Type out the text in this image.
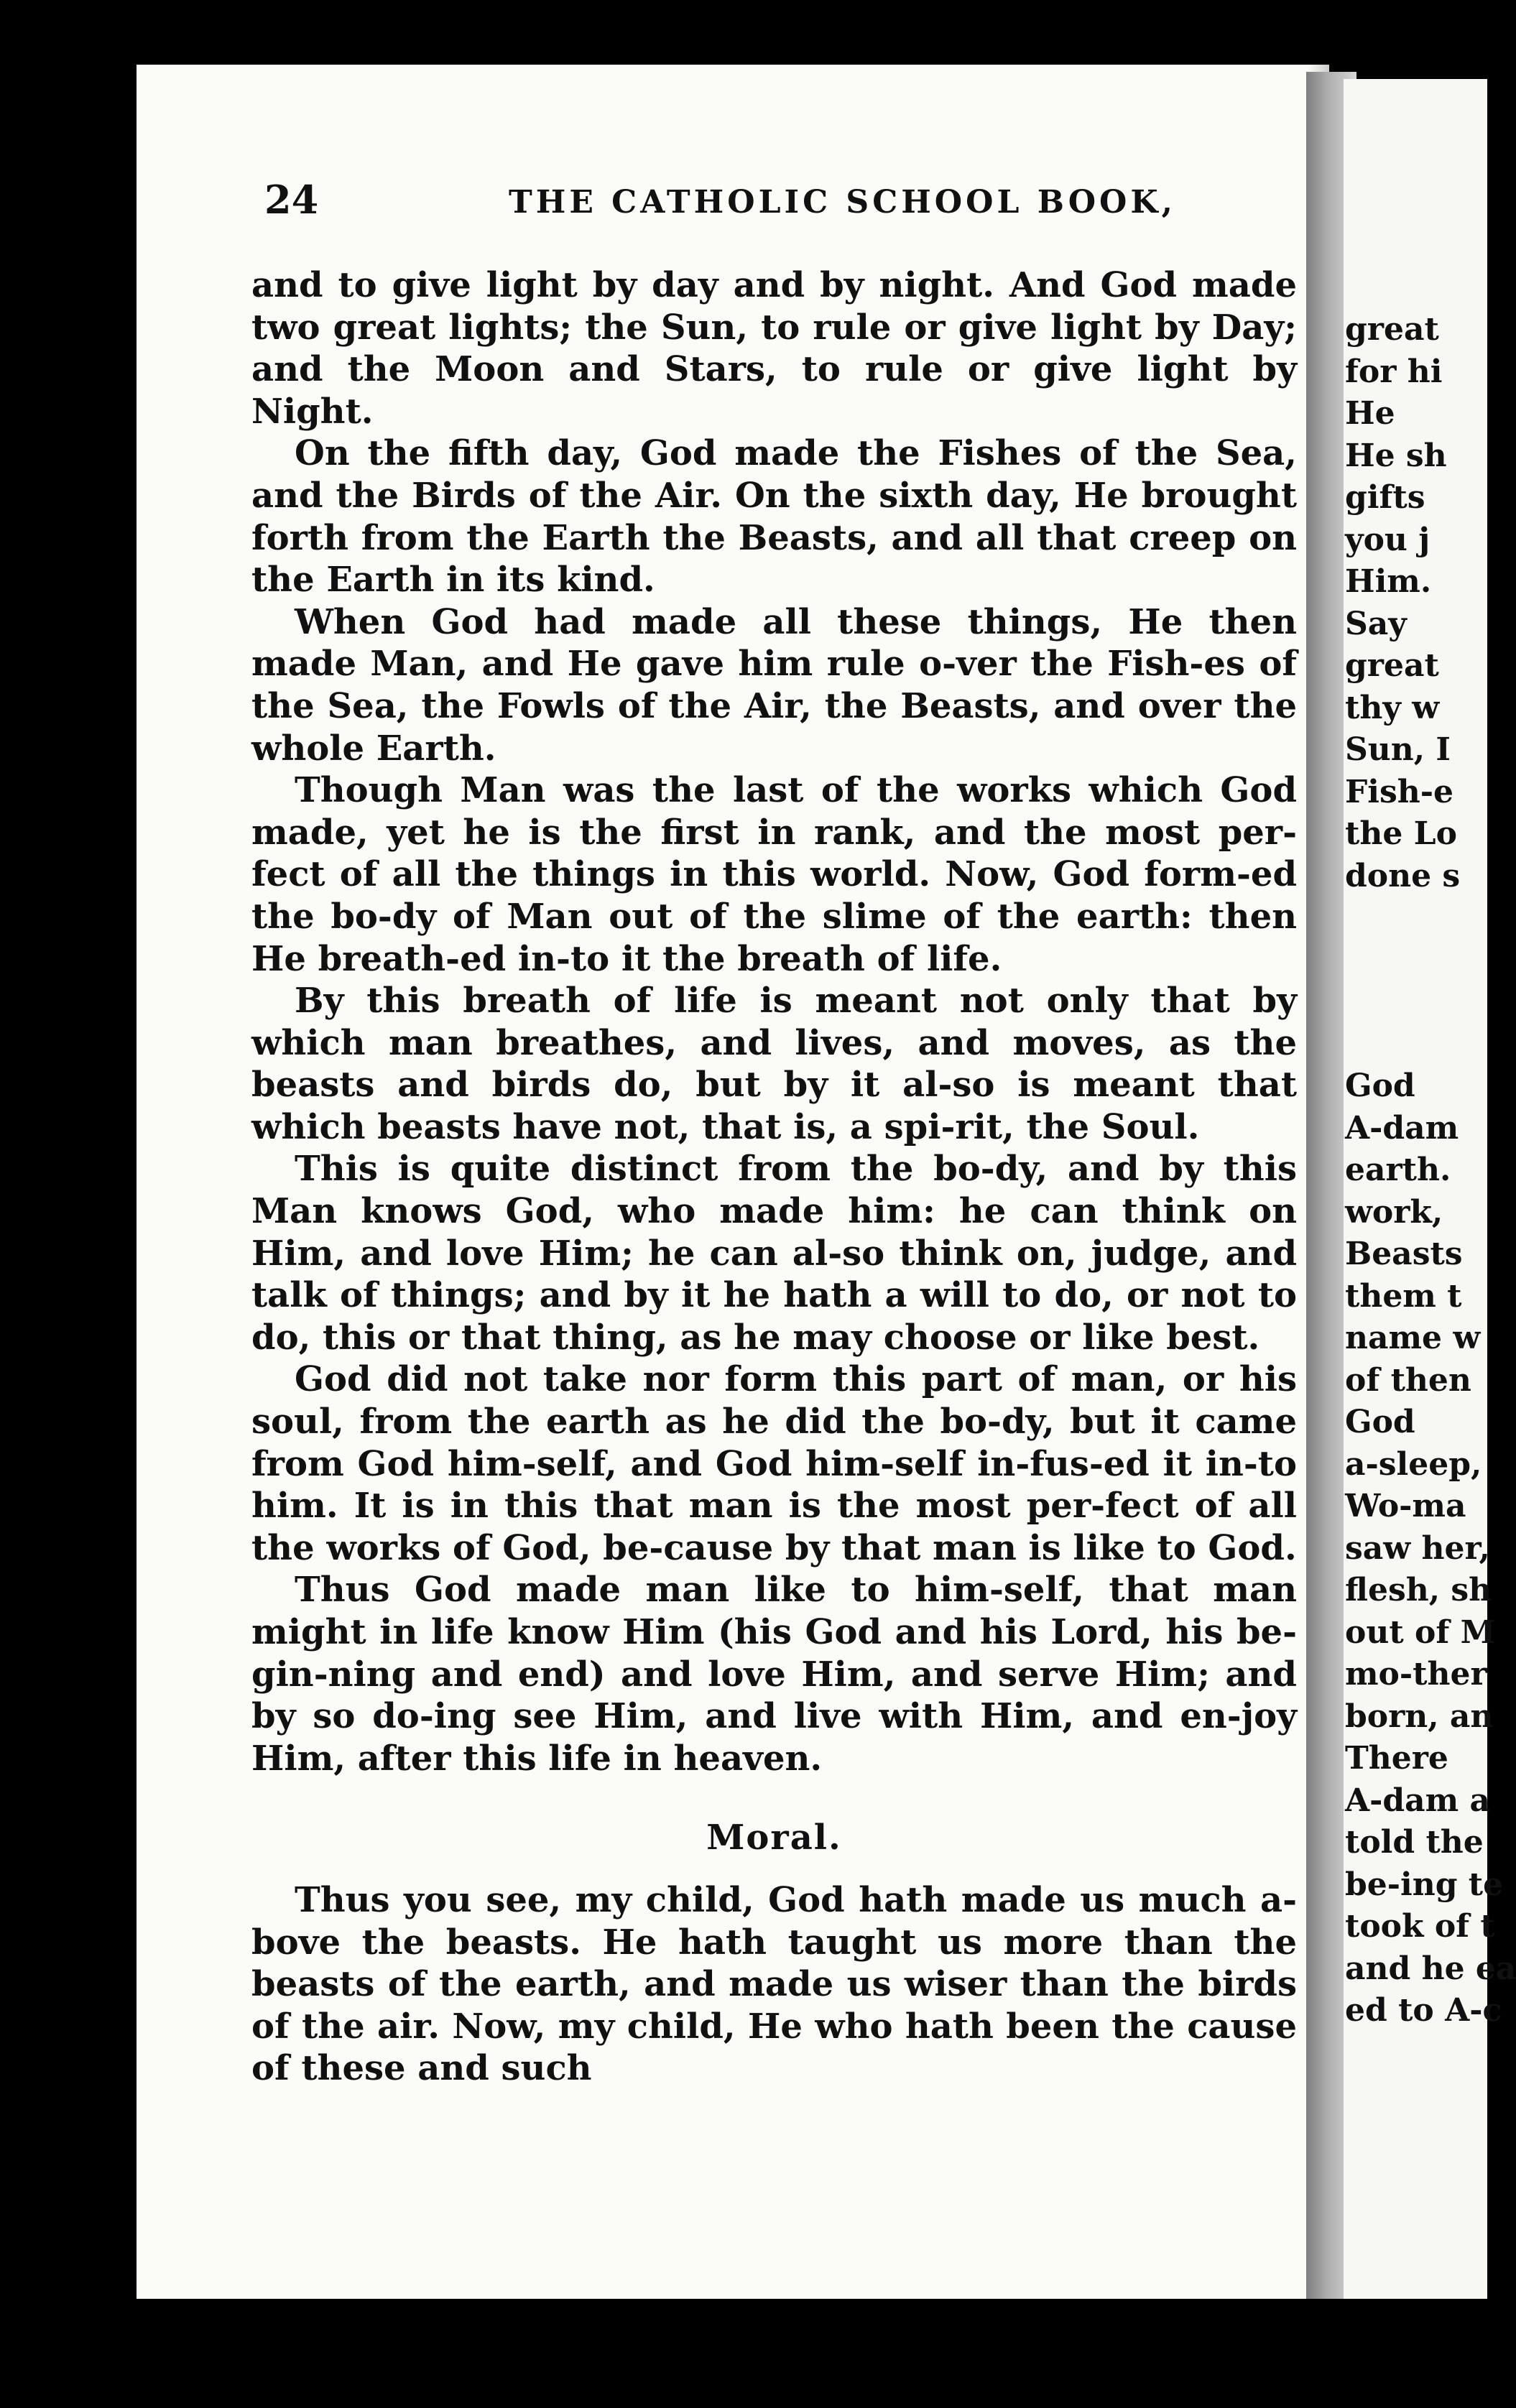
24	THE CATHOLIC SCHOOL BOOK,

and to give light by day and by night. And God made two great lights; the Sun, to rule or give light by Day; and the Moon and Stars, to rule or give light by Night.

On the fifth day, God made the Fishes of the Sea, and the Birds of the Air. On the sixth day, He brought forth from the Earth the Beasts, and all that creep on the Earth in its kind.

When God had made all these things, He then made Man, and He gave him rule o-ver the Fish-es of the Sea, the Fowls of the Air, the Beasts, and over the whole Earth.

Though Man was the last of the works which God made, yet he is the first in rank, and the most per-fect of all the things in this world. Now, God form-ed the bo-dy of Man out of the slime of the earth: then He breath-ed in-to it the breath of life.

By this breath of life is meant not only that by which man breathes, and lives, and moves, as the beasts and birds do, but by it al-so is meant that which beasts have not, that is, a spi-rit, the Soul.

This is quite distinct from the bo-dy, and by this Man knows God, who made him: he can think on Him, and love Him; he can al-so think on, judge, and talk of things; and by it he hath a will to do, or not to do, this or that thing, as he may choose or like best.

God did not take nor form this part of man, or his soul, from the earth as he did the bo-dy, but it came from God him-self, and God him-self in-fus-ed it in-to him. It is in this that man is the most per-fect of all the works of God, be-cause by that man is like to God.

Thus God made man like to him-self, that man might in life know Him (his God and his Lord, his be-gin-ning and end) and love Him, and serve Him; and by so do-ing see Him, and live with Him, and en-joy Him, after this life in heaven.

Moral.

Thus you see, my child, God hath made us much a-bove the beasts. He hath taught us more than the beasts of the earth, and made us wiser than the birds of the air. Now, my child, He who hath been the cause of these and such

great
for hi
He
He sh
gifts
you j
Him.
Say
great
thy w
Sun, I
Fish-e
the Lo
done s
God
A-dam
earth.
work,
Beasts
them t
name w
of then
God
a-sleep,
Wo-ma
saw her,
flesh, sh
out of M
mo-ther
born, an
There
A-dam a
told the
be-ing te
took of t
and he ea
ed to A-c
